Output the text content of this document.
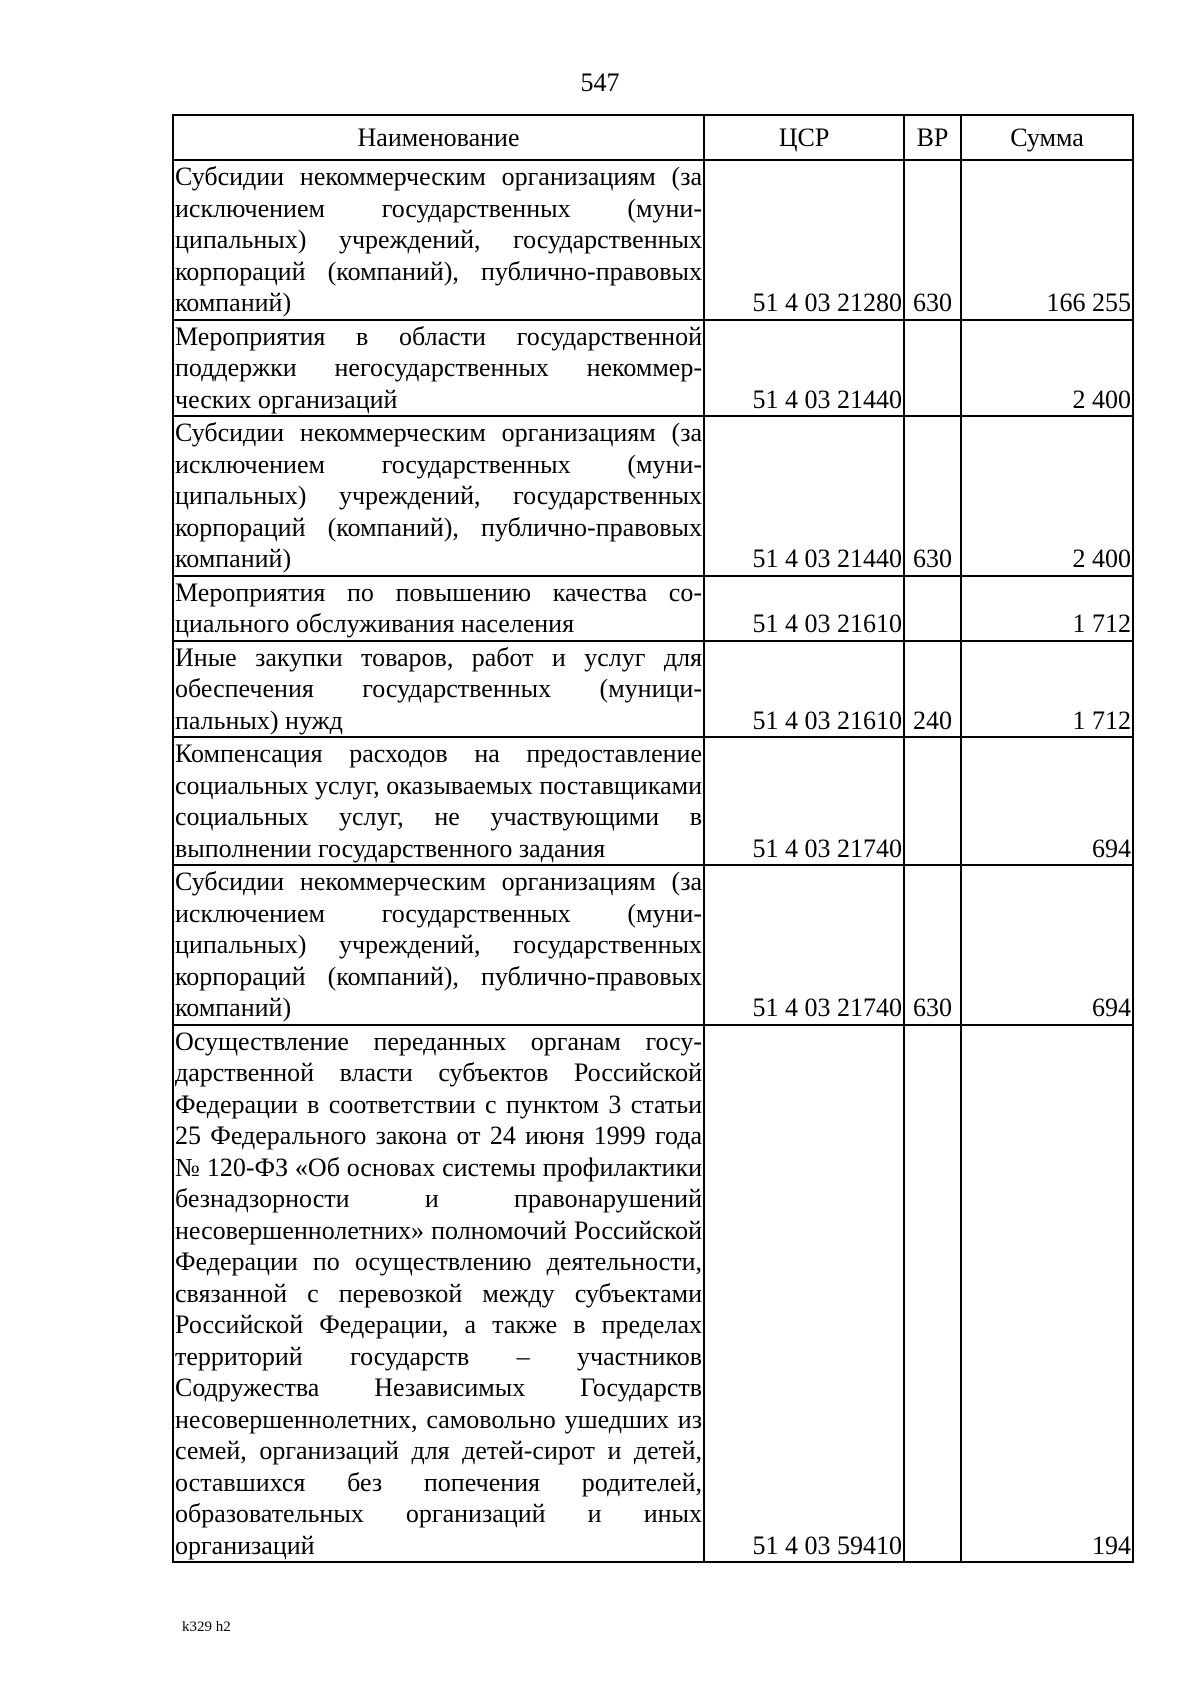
547
Наименование	ЦСР	ВР	Сумма
Субсидии некоммерческим организациям (за исключением государственных (муниципальных) учреждений, государственных корпораций (компаний), публично-правовых компаний)	51 4 03 21280	630	166 255
Мероприятия в области государственной поддержки негосударственных некоммерческих организаций	51 4 03 21440		2 400
Субсидии некоммерческим организациям (за исключением государственных (муниципальных) учреждений, государственных корпораций (компаний), публично-правовых компаний)	51 4 03 21440	630	2 400
Мероприятия по повышению качества социального обслуживания населения	51 4 03 21610		1 712
Иные закупки товаров, работ и услуг для обеспечения государственных (муниципальных) нужд	51 4 03 21610	240	1 712
Компенсация расходов на предоставление социальных услуг, оказываемых поставщиками социальных услуг, не участвующими в выполнении государственного задания	51 4 03 21740		694
Субсидии некоммерческим организациям (за исключением государственных (муниципальных) учреждений, государственных корпораций (компаний), публично-правовых компаний)	51 4 03 21740	630	694
Осуществление переданных органам государственной власти субъектов Российской Федерации в соответствии с пунктом 3 статьи 25 Федерального закона от 24 июня 1999 года № 120-ФЗ «Об основах системы профилактики безнадзорности и правонарушений несовершеннолетних» полномочий Российской Федерации по осуществлению деятельности, связанной с перевозкой между субъектами Российской Федерации, а также в пределах территорий государств – участников Содружества Независимых Государств несовершеннолетних, самовольно ушедших из семей, организаций для детей-сирот и детей, оставшихся без попечения родителей, образовательных организаций и иных организаций	51 4 03 59410		194
k329 h2
